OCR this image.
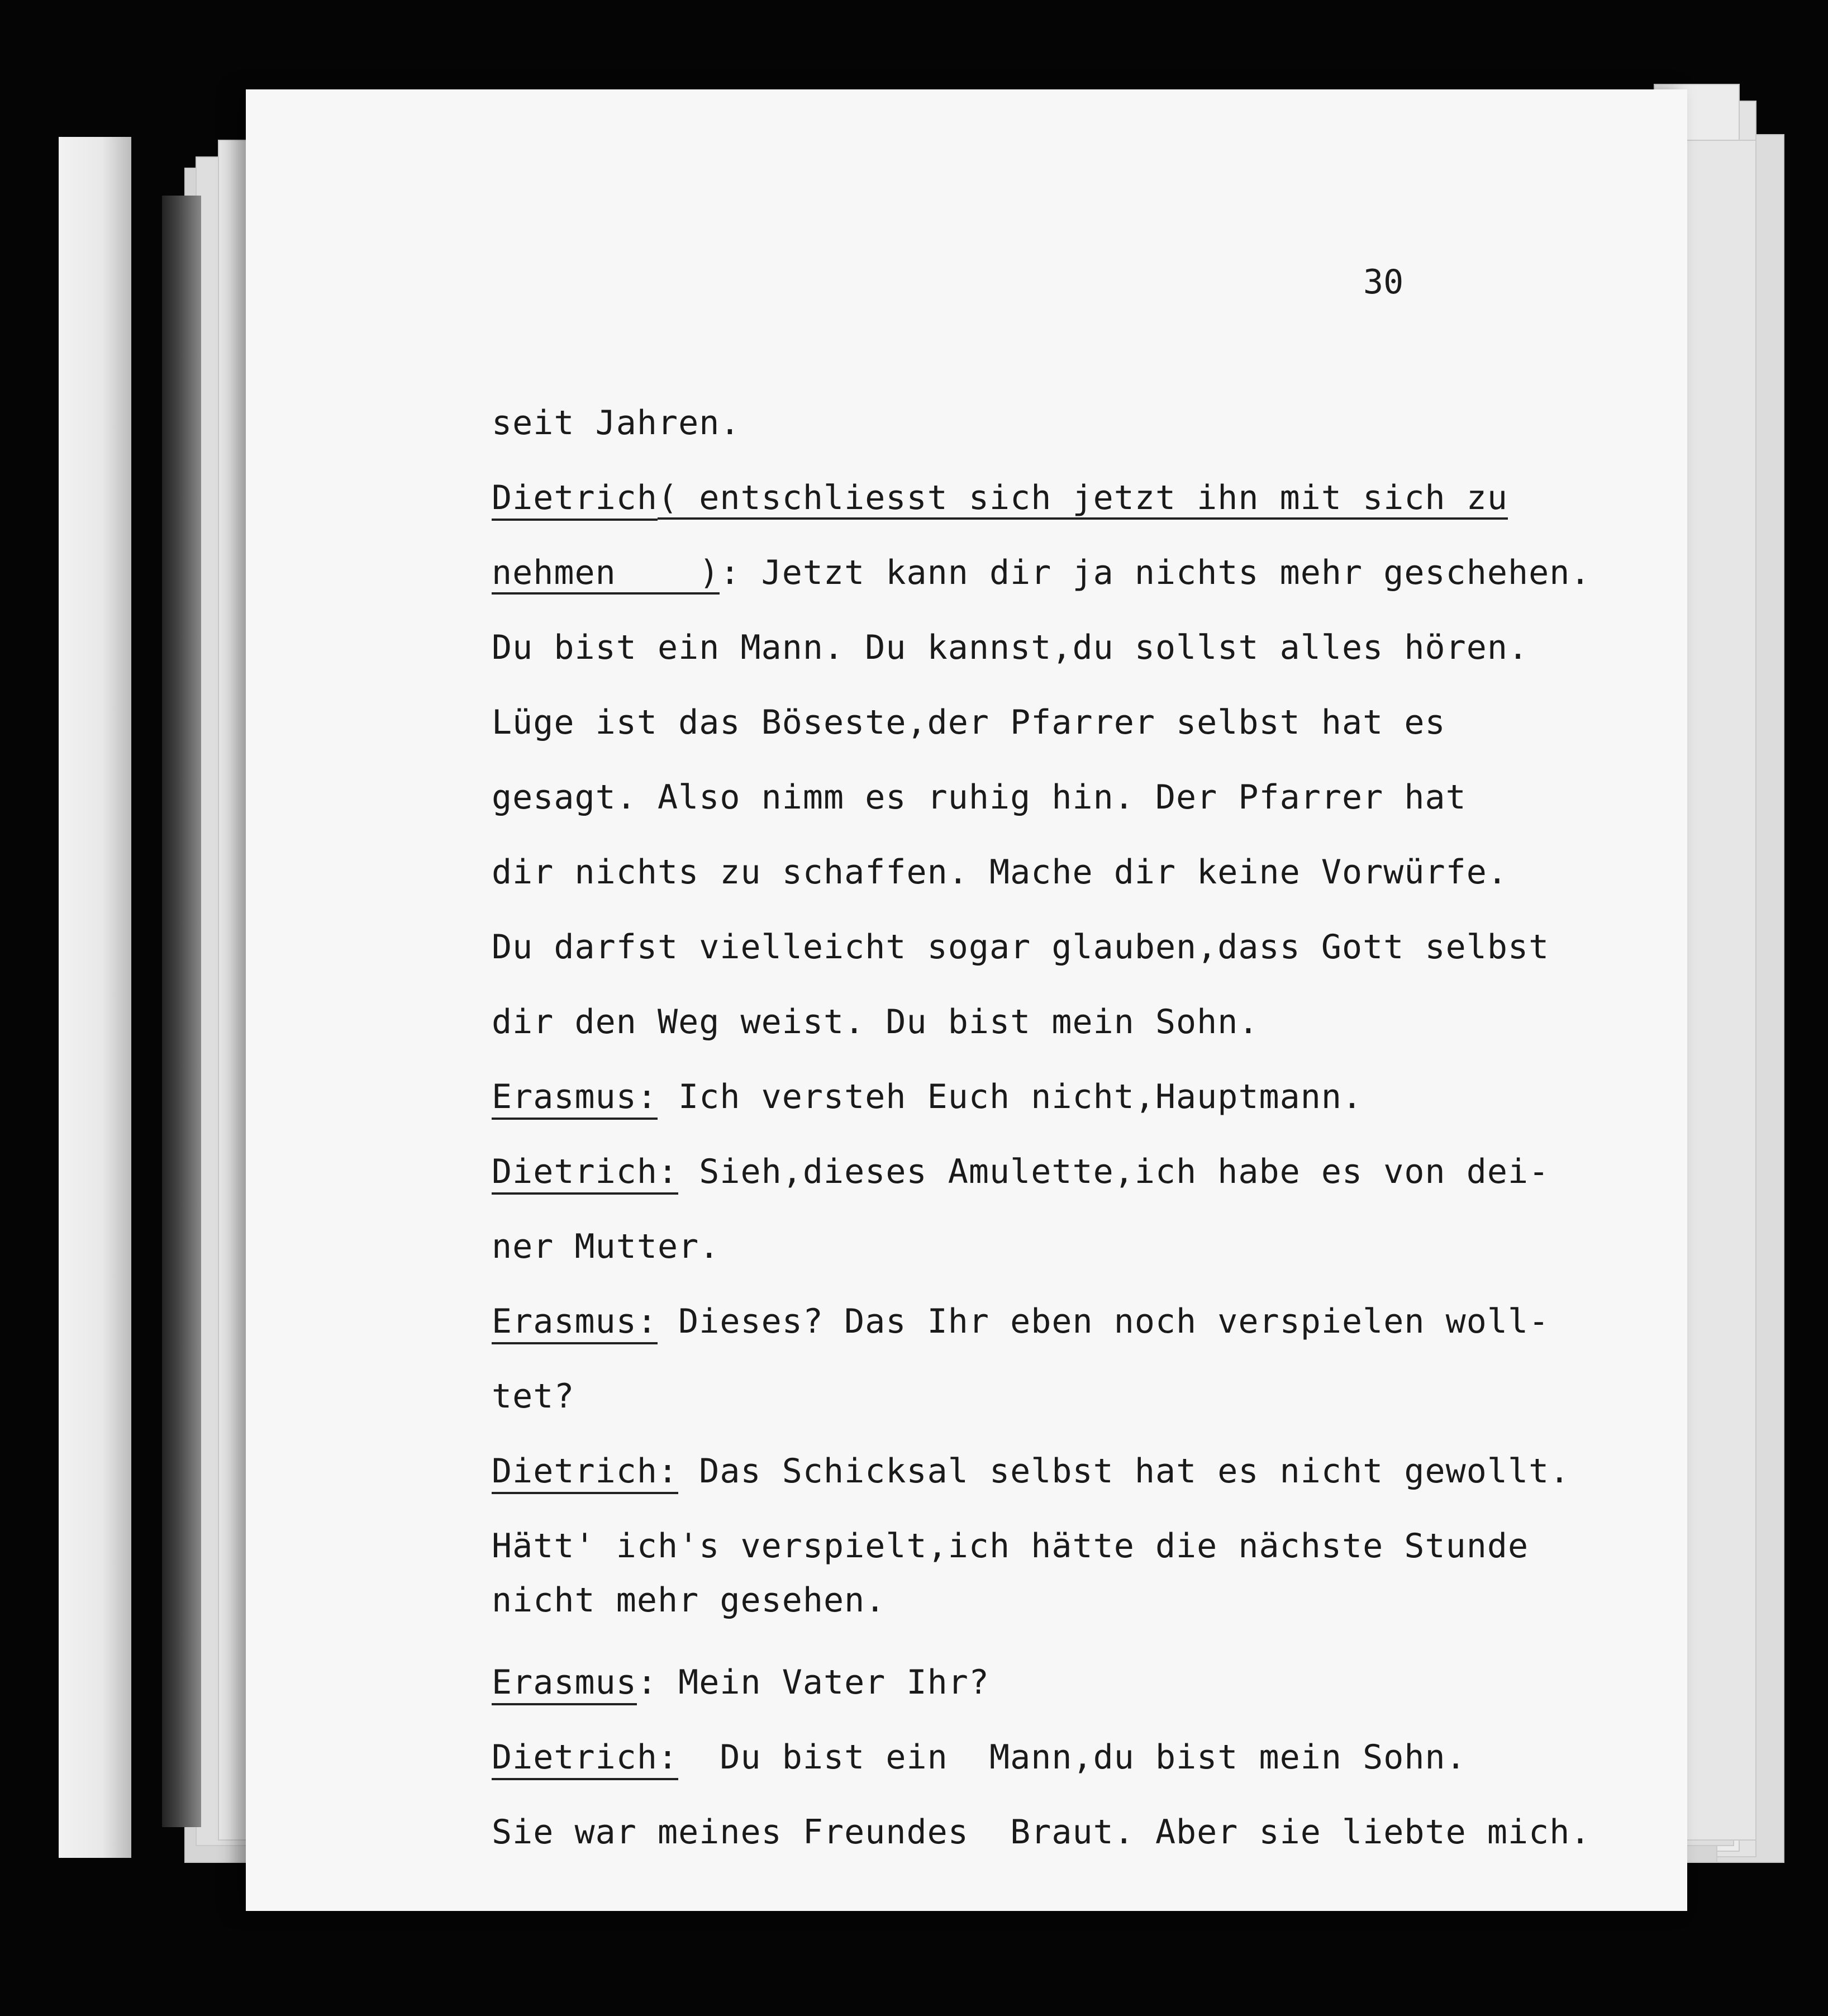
30
seit Jahren.
Dietrich( entschliesst sich jetzt ihn mit sich zu
nehmen    ): Jetzt kann dir ja nichts mehr geschehen.
Du bist ein Mann. Du kannst,du sollst alles hören.
Lüge ist das Böseste,der Pfarrer selbst hat es
gesagt. Also nimm es ruhig hin. Der Pfarrer hat
dir nichts zu schaffen. Mache dir keine Vorwürfe.
Du darfst vielleicht sogar glauben,dass Gott selbst
dir den Weg weist. Du bist mein Sohn.
Erasmus: Ich versteh Euch nicht,Hauptmann.
Dietrich: Sieh,dieses Amulette,ich habe es von dei-
ner Mutter.
Erasmus: Dieses? Das Ihr eben noch verspielen woll-
tet?
Dietrich: Das Schicksal selbst hat es nicht gewollt.
Hätt' ich's verspielt,ich hätte die nächste Stunde
nicht mehr gesehen.
Erasmus: Mein Vater Ihr?
Dietrich:  Du bist ein  Mann,du bist mein Sohn.
Sie war meines Freundes  Braut. Aber sie liebte mich.
